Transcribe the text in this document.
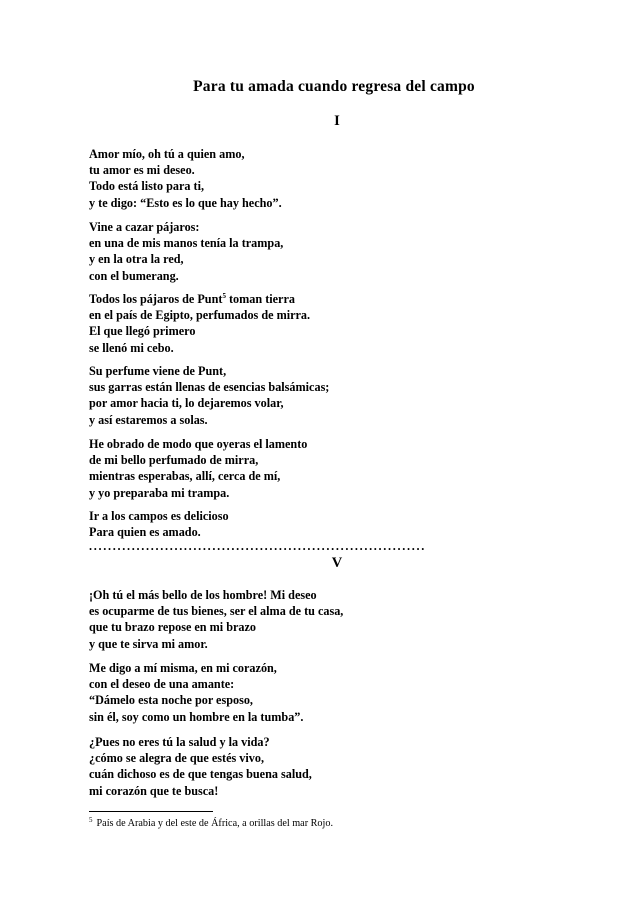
Para tu amada cuando regresa del campo
I
Amor mío, oh tú a quien amo,
tu amor es mi deseo.
Todo está listo para ti,
y te digo: “Esto es lo que hay hecho”.
Vine a cazar pájaros:
en una de mis manos tenía la trampa,
y en la otra la red,
con el bumerang.
Todos los pájaros de Punt$^5$ toman tierra
en el país de Egipto, perfumados de mirra.
El que llegó primero
se llenó mi cebo.
Su perfume viene de Punt,
sus garras están llenas de esencias balsámicas;
por amor hacia ti, lo dejaremos volar,
y así estaremos a solas.
He obrado de modo que oyeras el lamento
de mi bello perfumado de mirra,
mientras esperabas, allí, cerca de mí,
y yo preparaba mi trampa.
Ir a los campos es delicioso
Para quien es amado.
.......................................................................
V
¡Oh tú el más bello de los hombre! Mi deseo
es ocuparme de tus bienes, ser el alma de tu casa,
que tu brazo repose en mi brazo
y que te sirva mi amor.
Me digo a mí misma, en mi corazón,
con el deseo de una amante:
“Dámelo esta noche por esposo,
sin él, soy como un hombre en la tumba”.
¿Pues no eres tú la salud y la vida?
¿cómo se alegra de que estés vivo,
cuán dichoso es de que tengas buena salud,
mi corazón que te busca!
$^5$ País de Arabia y del este de África, a orillas del mar Rojo.
